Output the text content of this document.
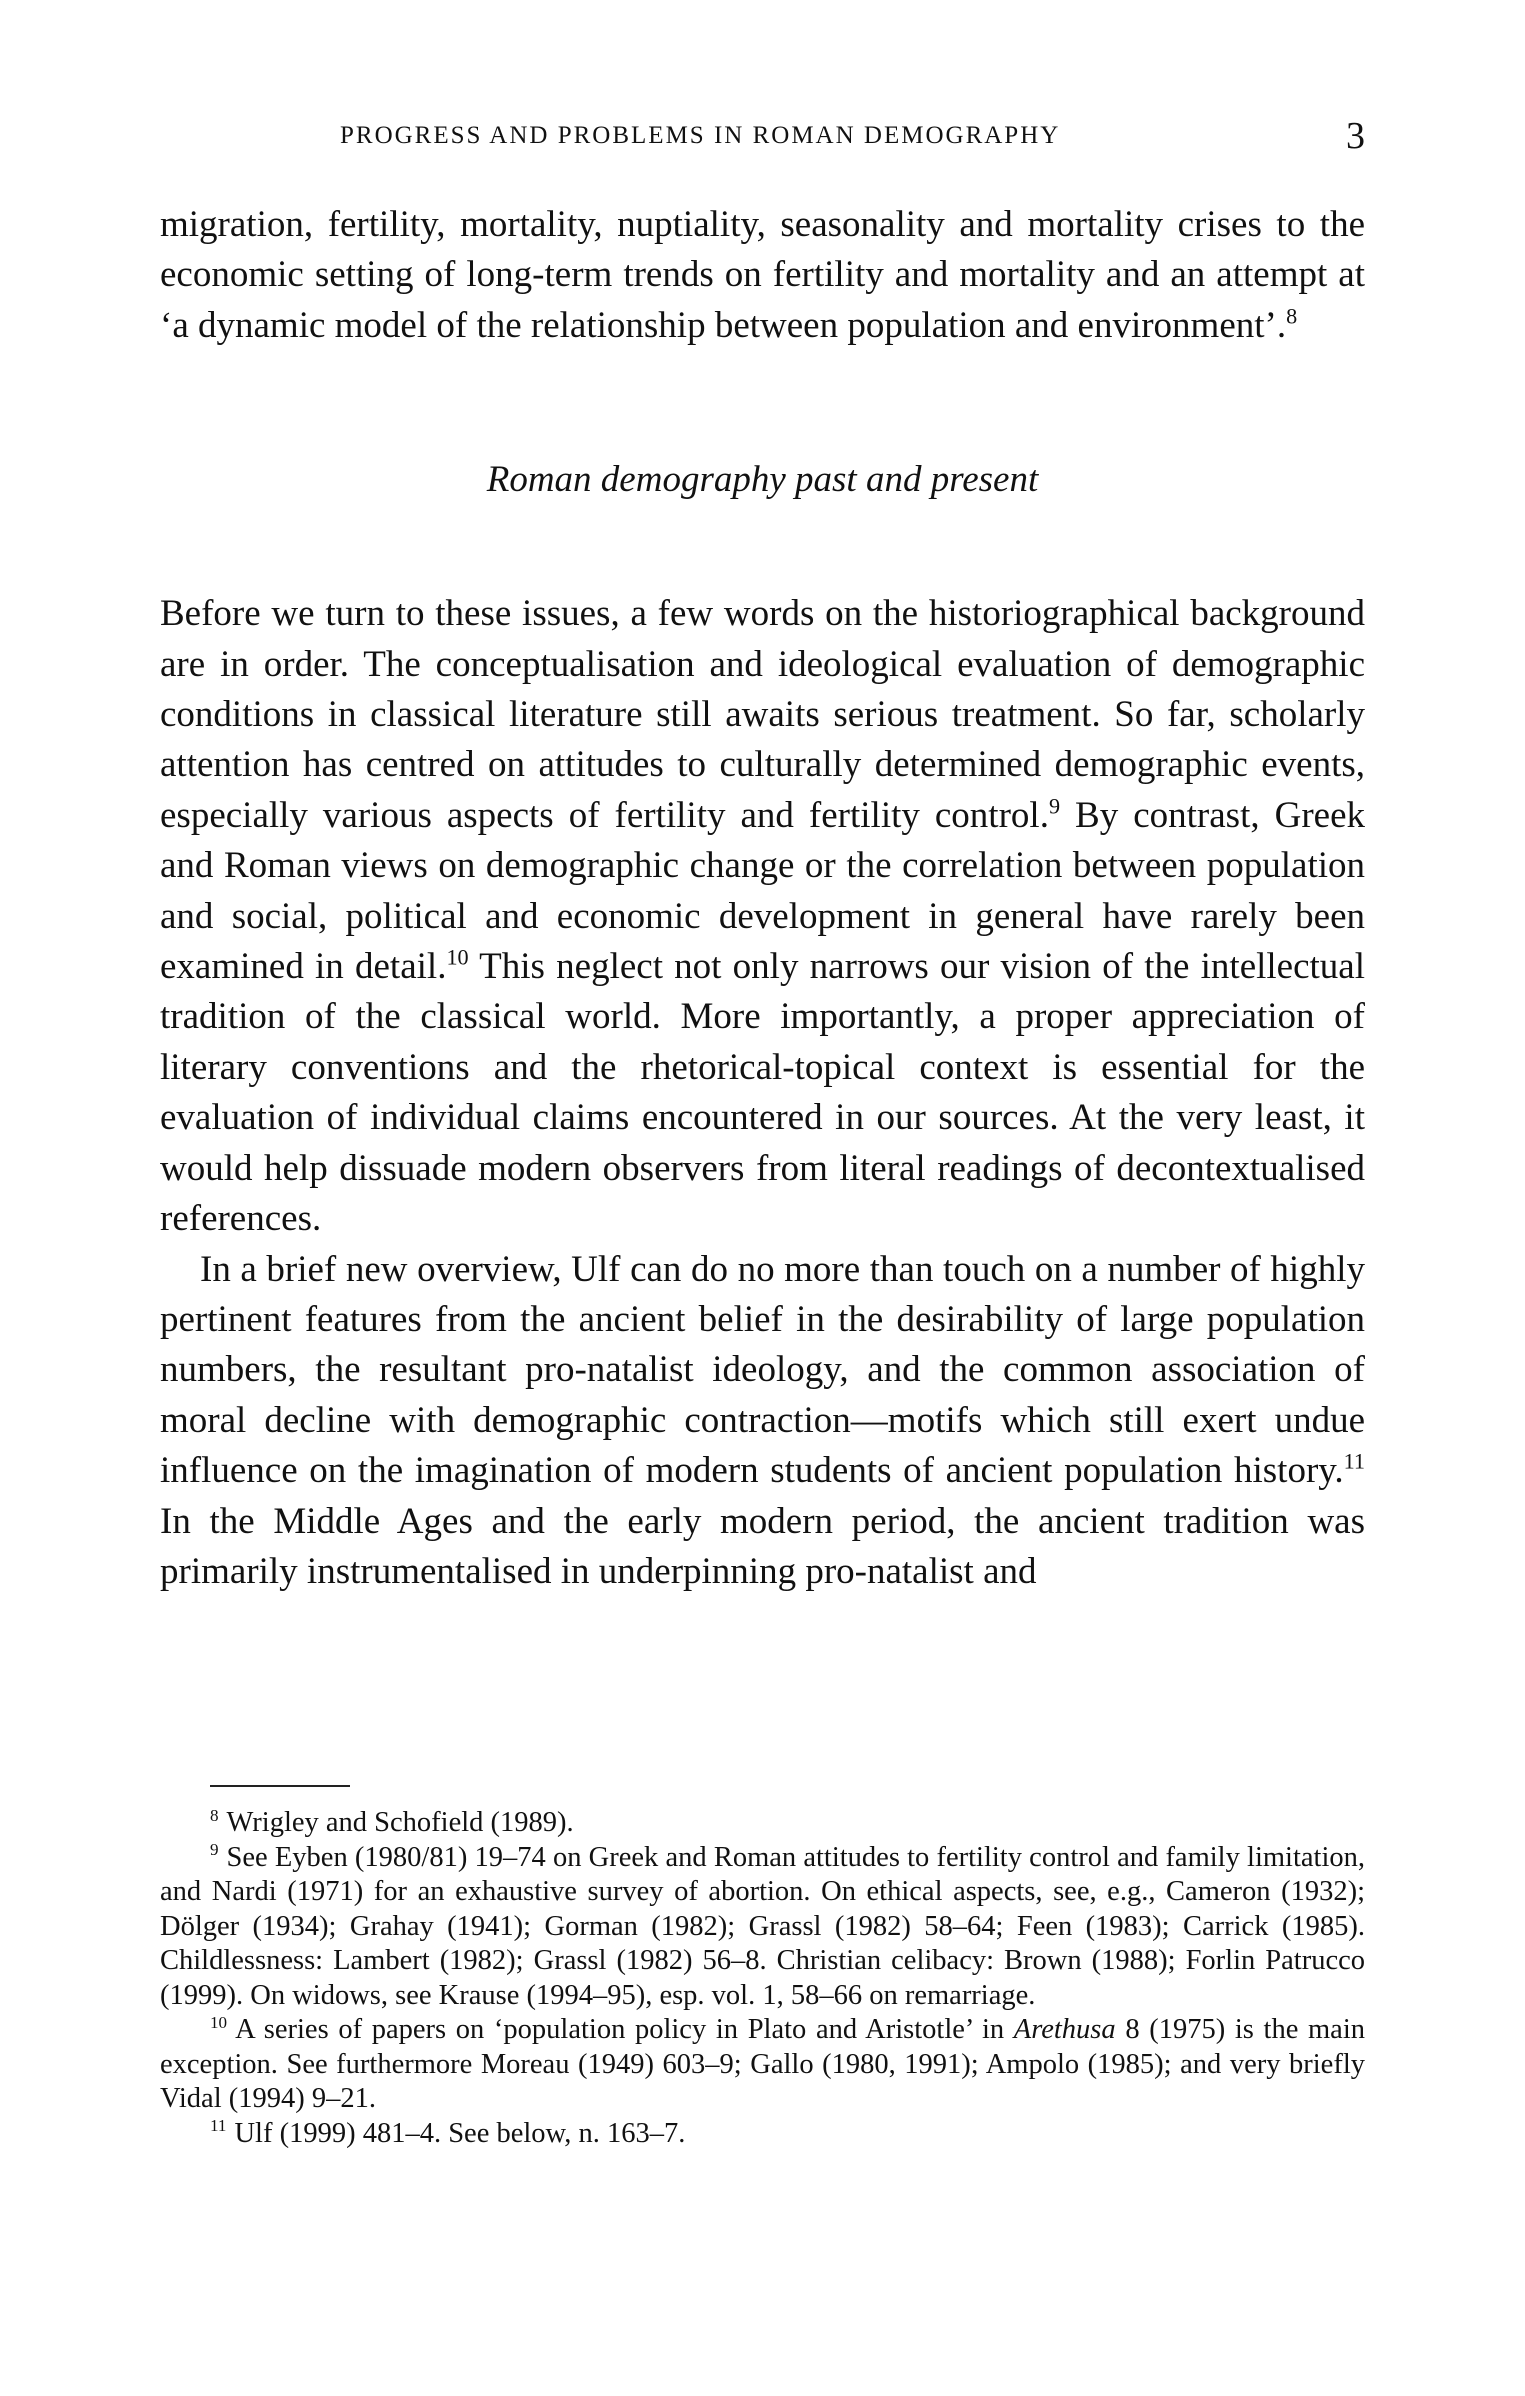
PROGRESS AND PROBLEMS IN ROMAN DEMOGRAPHY	3

migration, fertility, mortality, nuptiality, seasonality and mortality crises to the economic setting of long-term trends on fertility and mortality and an attempt at ‘a dynamic model of the relationship between population and environment’.$^8$

Roman demography past and present

Before we turn to these issues, a few words on the historiographical background are in order. The conceptualisation and ideological evaluation of demographic conditions in classical literature still awaits serious treatment. So far, scholarly attention has centred on attitudes to culturally determined demographic events, especially various aspects of fertility and fertility control.$^9$ By contrast, Greek and Roman views on demographic change or the correlation between population and social, political and economic development in general have rarely been examined in detail.$^{10}$ This neglect not only narrows our vision of the intellectual tradition of the classical world. More importantly, a proper appreciation of literary conventions and the rhetorical-topical context is essential for the evaluation of individual claims encountered in our sources. At the very least, it would help dissuade modern observers from literal readings of decontextualised references.

In a brief new overview, Ulf can do no more than touch on a number of highly pertinent features from the ancient belief in the desirability of large population numbers, the resultant pro-natalist ideology, and the common association of moral decline with demographic contraction—motifs which still exert undue influence on the imagination of modern students of ancient population history.$^{11}$ In the Middle Ages and the early modern period, the ancient tradition was primarily instrumentalised in underpinning pro-natalist and

$^8$ Wrigley and Schofield (1989).

$^9$ See Eyben (1980/81) 19–74 on Greek and Roman attitudes to fertility control and family limitation, and Nardi (1971) for an exhaustive survey of abortion. On ethical aspects, see, e.g., Cameron (1932); Dölger (1934); Grahay (1941); Gorman (1982); Grassl (1982) 58–64; Feen (1983); Carrick (1985). Childlessness: Lambert (1982); Grassl (1982) 56–8. Christian celibacy: Brown (1988); Forlin Patrucco (1999). On widows, see Krause (1994–95), esp. vol. 1, 58–66 on remarriage.

$^{10}$ A series of papers on ‘population policy in Plato and Aristotle’ in Arethusa 8 (1975) is the main exception. See furthermore Moreau (1949) 603–9; Gallo (1980, 1991); Ampolo (1985); and very briefly Vidal (1994) 9–21.

$^{11}$ Ulf (1999) 481–4. See below, n. 163–7.
